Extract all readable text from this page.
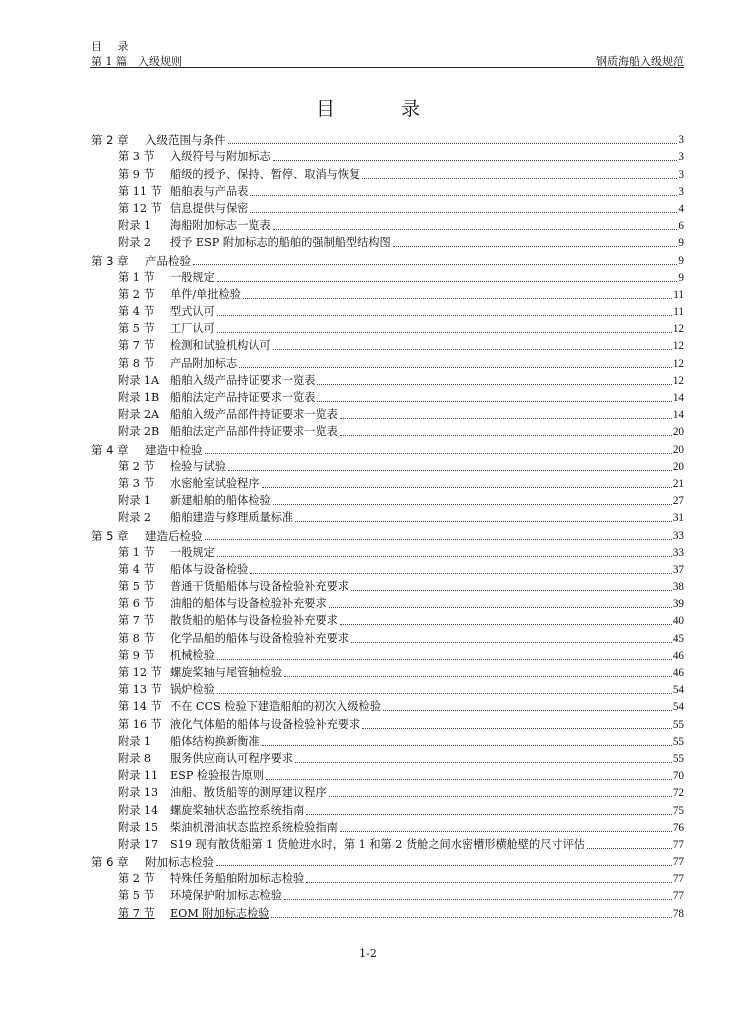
目 录
第 1 篇　入级规则	钢质海船入级规范
目 录
第 2 章	入级范围与条件	3
第 3 节	入级符号与附加标志	3
第 9 节	船级的授予、保持、暂停、取消与恢复	3
第 11 节 船舶表与产品表	3
第 12 节 信息提供与保密	4
附录 1	海船附加标志一览表	6
附录 2	授予 ESP 附加标志的船舶的强制船型结构图	9
第 3 章	产品检验	9
第 1 节	一般规定	9
第 2 节	单件/单批检验	11
第 4 节	型式认可	11
第 5 节	工厂认可	12
第 7 节	检测和试验机构认可	12
第 8 节	产品附加标志	12
附录 1A 船舶入级产品持证要求一览表	12
附录 1B 船舶法定产品持证要求一览表	14
附录 2A 船舶入级产品部件持证要求一览表	14
附录 2B 船舶法定产品部件持证要求一览表	20
第 4 章	建造中检验	20
第 2 节	检验与试验	20
第 3 节	水密舱室试验程序	21
附录 1	新建船舶的船体检验	27
附录 2	船舶建造与修理质量标准	31
第 5 章	建造后检验	33
第 1 节	一般规定	33
第 4 节	船体与设备检验	37
第 5 节	普通干货船船体与设备检验补充要求	38
第 6 节	油船的船体与设备检验补充要求	39
第 7 节	散货船的船体与设备检验补充要求	40
第 8 节	化学品船的船体与设备检验补充要求	45
第 9 节	机械检验	46
第 12 节 螺旋桨轴与尾管轴检验	46
第 13 节 锅炉检验	54
第 14 节 不在 CCS 检验下建造船舶的初次入级检验	54
第 16 节 液化气体船的船体与设备检验补充要求	55
附录 1	船体结构换新衡准	55
附录 8	服务供应商认可程序要求	55
附录 11	ESP 检验报告原则	70
附录 13	油船、散货船等的测厚建议程序	72
附录 14	螺旋桨轴状态监控系统指南	75
附录 15	柴油机滑油状态监控系统检验指南	76
附录 17	S19 现有散货船第 1 货舱进水时，第 1 和第 2 货舱之间水密槽形横舱壁的尺寸评估	77
第 6 章	附加标志检验	77
第 2 节	特殊任务船舶附加标志检验	77
第 5 节	环境保护附加标志检验	77
第 7 节	EOM 附加标志检验	78
1-2
